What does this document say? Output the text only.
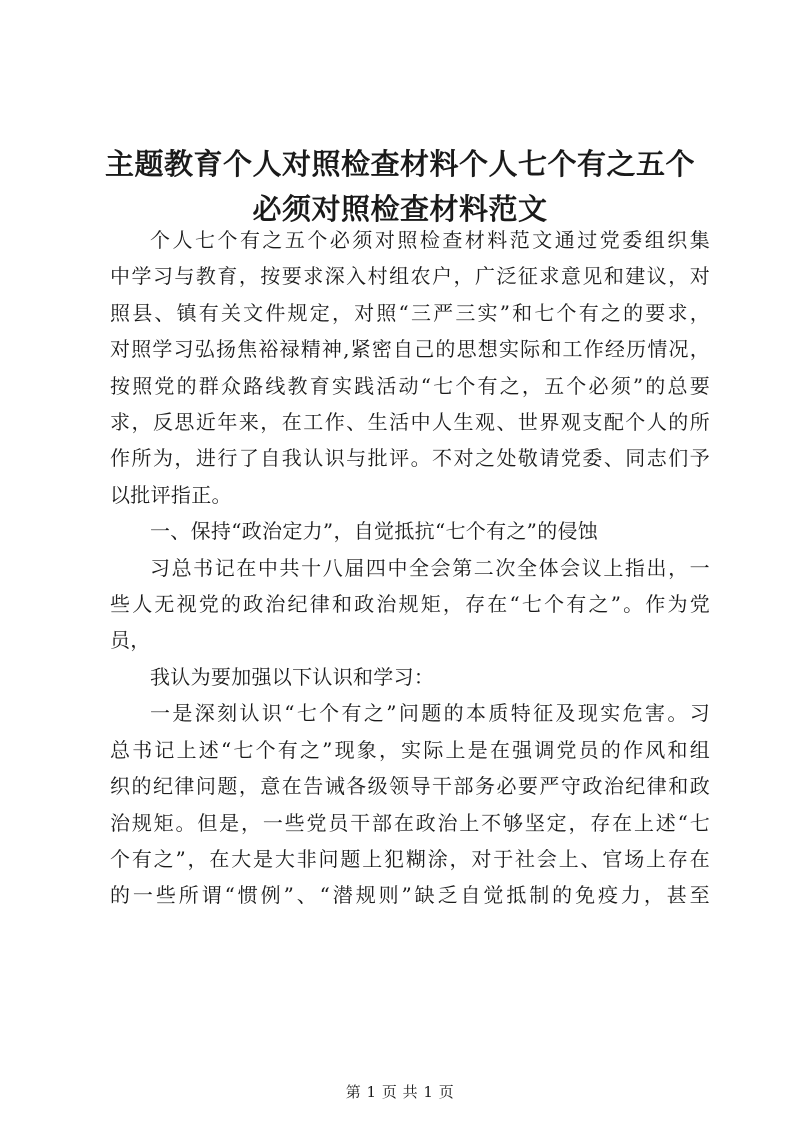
主题教育个人对照检查材料个人七个有之五个
必须对照检查材料范文

个人七个有之五个必须对照检查材料范文通过党委组织集
中学习与教育，按要求深入村组农户，广泛征求意见和建议，对
照县、镇有关文件规定，对照“三严三实”和七个有之的要求，
对照学习弘扬焦裕禄精神,紧密自己的思想实际和工作经历情况，
按照党的群众路线教育实践活动“七个有之，五个必须”的总要
求，反思近年来，在工作、生活中人生观、世界观支配个人的所
作所为，进行了自我认识与批评。不对之处敬请党委、同志们予
以批评指正。

一、保持“政治定力”，自觉抵抗“七个有之”的侵蚀

习总书记在中共十八届四中全会第二次全体会议上指出，一
些人无视党的政治纪律和政治规矩，存在“七个有之”。作为党
员，

我认为要加强以下认识和学习：

一是深刻认识“七个有之”问题的本质特征及现实危害。习
总书记上述“七个有之”现象，实际上是在强调党员的作风和组
织的纪律问题，意在告诫各级领导干部务必要严守政治纪律和政
治规矩。但是，一些党员干部在政治上不够坚定，存在上述“七
个有之”，在大是大非问题上犯糊涂，对于社会上、官场上存在
的一些所谓“惯例”、“潜规则”缺乏自觉抵制的免疫力，甚至

第 1 页 共 1 页
